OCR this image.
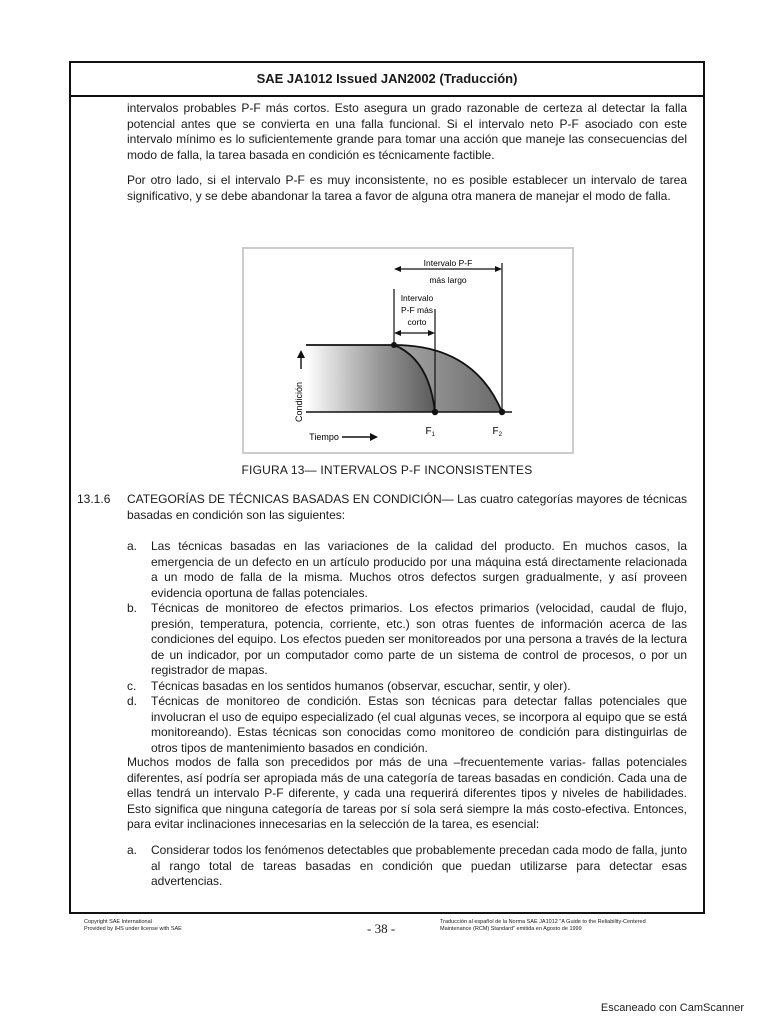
SAE JA1012 Issued JAN2002 (Traducción)

intervalos probables P-F más cortos. Esto asegura un grado razonable de certeza al detectar la falla potencial antes que se convierta en una falla funcional. Si el intervalo neto P-F asociado con este intervalo mínimo es lo suficientemente grande para tomar una acción que maneje las consecuencias del modo de falla, la tarea basada en condición es técnicamente factible.

Por otro lado, si el intervalo P-F es muy inconsistente, no es posible establecer un intervalo de tarea significativo, y se debe abandonar la tarea a favor de alguna otra manera de manejar el modo de falla.

Intervalo P-F
más largo
Intervalo
P-F más
corto
Condición
Tiempo	$F_1$	$F_2$
FIGURA 13— INTERVALOS P-F INCONSISTENTES
13.1.6 CATEGORÍAS DE TÉCNICAS BASADAS EN CONDICIÓN— Las cuatro categorías mayores de técnicas basadas en condición son las siguientes:
a. Las técnicas basadas en las variaciones de la calidad del producto. En muchos casos, la emergencia de un defecto en un artículo producido por una máquina está directamente relacionada a un modo de falla de la misma. Muchos otros defectos surgen gradualmente, y así proveen evidencia oportuna de fallas potenciales.
b. Técnicas de monitoreo de efectos primarios. Los efectos primarios (velocidad, caudal de flujo, presión, temperatura, potencia, corriente, etc.) son otras fuentes de información acerca de las condiciones del equipo. Los efectos pueden ser monitoreados por una persona a través de la lectura de un indicador, por un computador como parte de un sistema de control de procesos, o por un registrador de mapas.
c. Técnicas basadas en los sentidos humanos (observar, escuchar, sentir, y oler).
d. Técnicas de monitoreo de condición. Estas son técnicas para detectar fallas potenciales que involucran el uso de equipo especializado (el cual algunas veces, se incorpora al equipo que se está monitoreando). Estas técnicas son conocidas como monitoreo de condición para distinguirlas de otros tipos de mantenimiento basados en condición.
Muchos modos de falla son precedidos por más de una –frecuentemente varias- fallas potenciales diferentes, así podría ser apropiada más de una categoría de tareas basadas en condición. Cada una de ellas tendrá un intervalo P-F diferente, y cada una requerirá diferentes tipos y niveles de habilidades. Esto significa que ninguna categoría de tareas por sí sola será siempre la más costo-efectiva. Entonces, para evitar inclinaciones innecesarias en la selección de la tarea, es esencial:
a. Considerar todos los fenómenos detectables que probablemente precedan cada modo de falla, junto al rango total de tareas basadas en condición que puedan utilizarse para detectar esas advertencias.
Copyright SAE International
Provided by IHS under license with SAE	- 38 -	Traducción al español de la Norma SAE JA1012 "A Guide to the Reliability-Centered
Maintenance (RCM) Standard" emitida en Agosto de 1999
Escaneado con CamScanner
